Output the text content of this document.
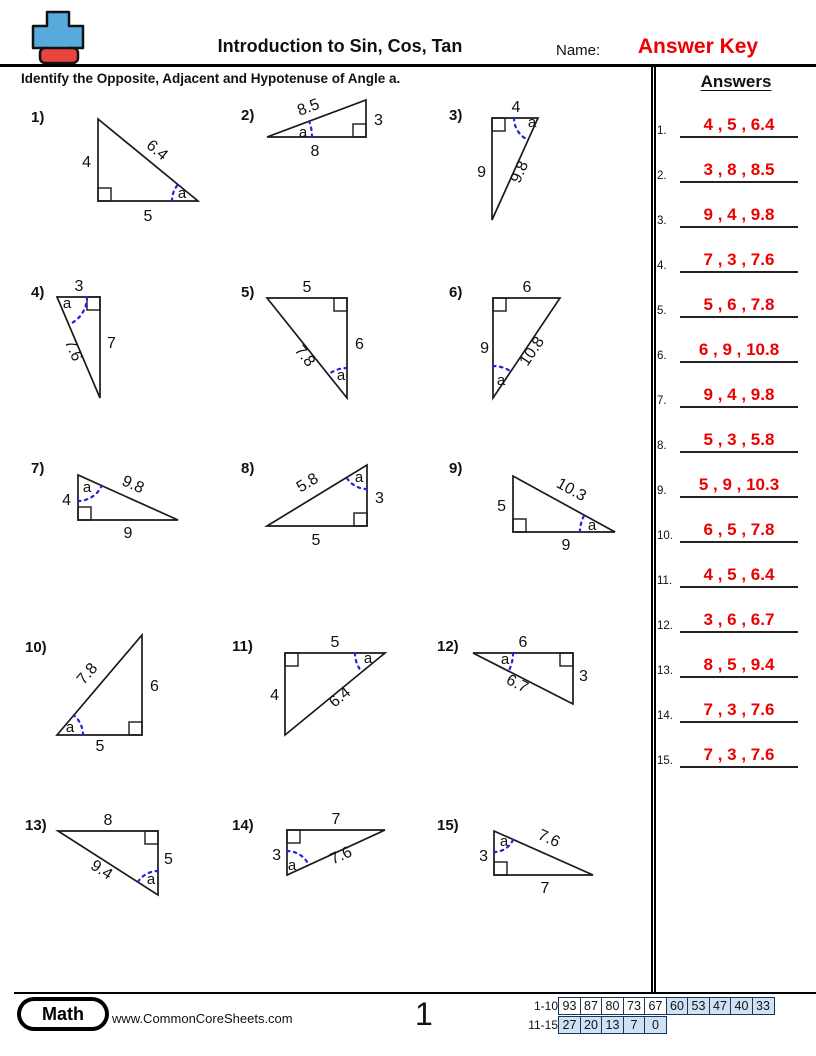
Introduction to Sin, Cos, Tan	Name:	Answer Key
Identify the Opposite, Adjacent and Hypotenuse of Angle a.	Answers
1.	4 , 5 , 6.4
2.	3 , 8 , 8.5
3.	9 , 4 , 9.8
4.	7 , 3 , 7.6
5.	5 , 6 , 7.8
6.	6 , 9 , 10.8
7.	9 , 4 , 9.8
8.	5 , 3 , 5.8
9.	5 , 9 , 10.3
10.	6 , 5 , 7.8
11.	4 , 5 , 6.4
12.	3 , 6 , 6.7
13.	8 , 5 , 9.4
14.	7 , 3 , 7.6
15.	7 , 3 , 7.6
1)
a
4
5
6.4
2)
a
3
8
8.5	3)	a
9
4
9.8
4)
a
7
3
7.6
5)
a
6
5
7.8
6)
a
9
6
10.8
7)
a
4
9
9.8
8)
a
3
5
5.8
9)
a
5
9
10.3
10)
a
6
5
7.8
11)
a
4
5
6.4
12)
a
3
6
6.7
13)
a
5
8
9.4
14)
a
3
7
7.6
15)
a
3
7
7.6
Math	www.CommonCoreSheets.com	1	1-10 93 87 80 73 67 60 53 47 40 33
11-15 27 20 13 7	0
